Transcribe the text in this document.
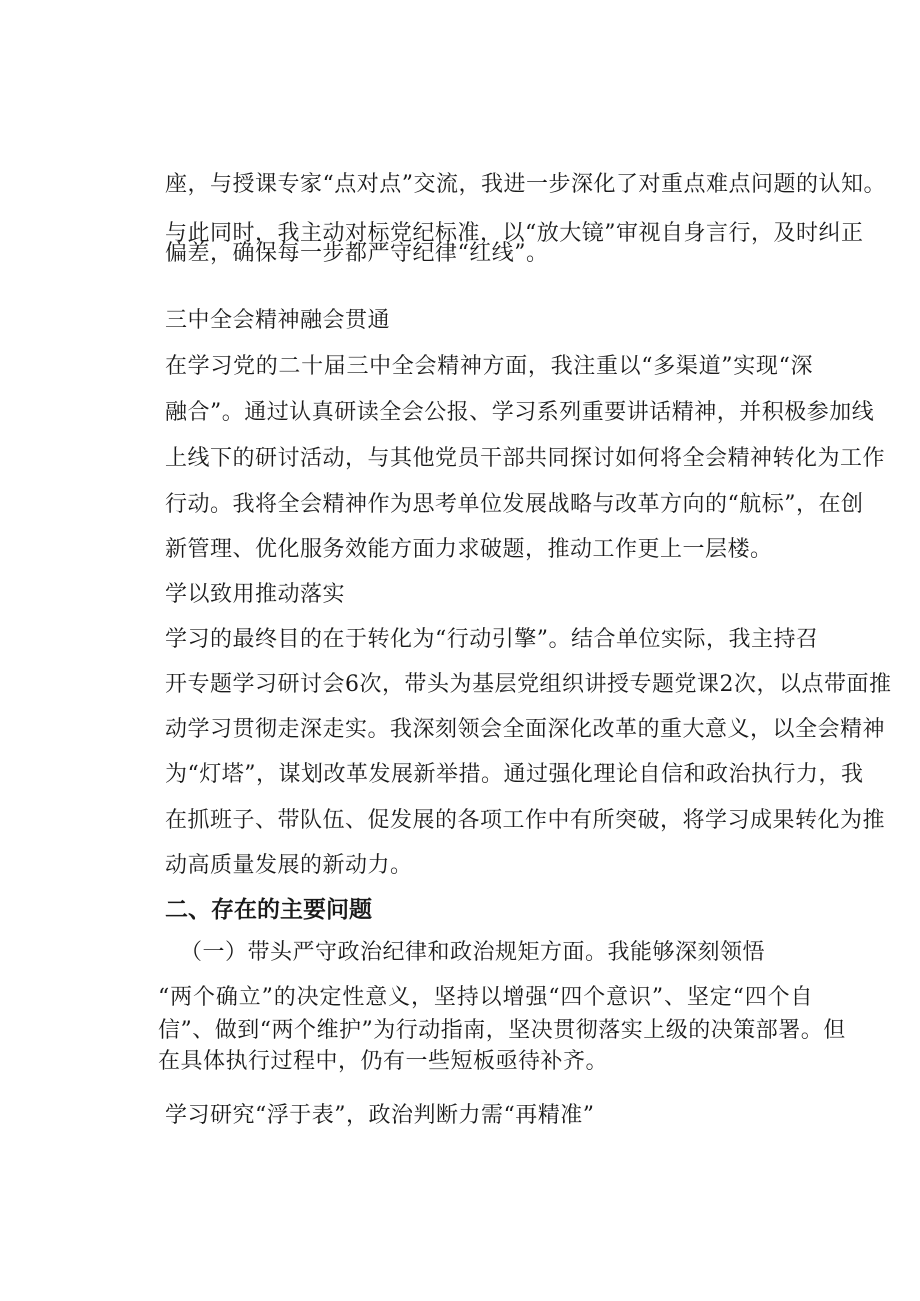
座，与授课专家“点对点”交流，我进一步深化了对重点难点问题的认知。
与此同时，我主动对标党纪标准，以“放大镜”审视自身言行，及时纠正
偏差，确保每一步都严守纪律“红线”。
三中全会精神融会贯通
在学习党的二十届三中全会精神方面，我注重以“多渠道”实现“深
融合”。通过认真研读全会公报、学习系列重要讲话精神，并积极参加线
上线下的研讨活动，与其他党员干部共同探讨如何将全会精神转化为工作
行动。我将全会精神作为思考单位发展战略与改革方向的“航标”，在创
新管理、优化服务效能方面力求破题，推动工作更上一层楼。
学以致用推动落实
学习的最终目的在于转化为“行动引擎”。结合单位实际，我主持召
开专题学习研讨会6次，带头为基层党组织讲授专题党课2次，以点带面推
动学习贯彻走深走实。我深刻领会全面深化改革的重大意义，以全会精神
为“灯塔”，谋划改革发展新举措。通过强化理论自信和政治执行力，我
在抓班子、带队伍、促发展的各项工作中有所突破，将学习成果转化为推
动高质量发展的新动力。
二、存在的主要问题
（一）带头严守政治纪律和政治规矩方面。我能够深刻领悟
“两个确立”的决定性意义，坚持以增强“四个意识”、坚定“四个自
信”、做到“两个维护”为行动指南，坚决贯彻落实上级的决策部署。但
在具体执行过程中，仍有一些短板亟待补齐。
学习研究“浮于表”，政治判断力需“再精准”
